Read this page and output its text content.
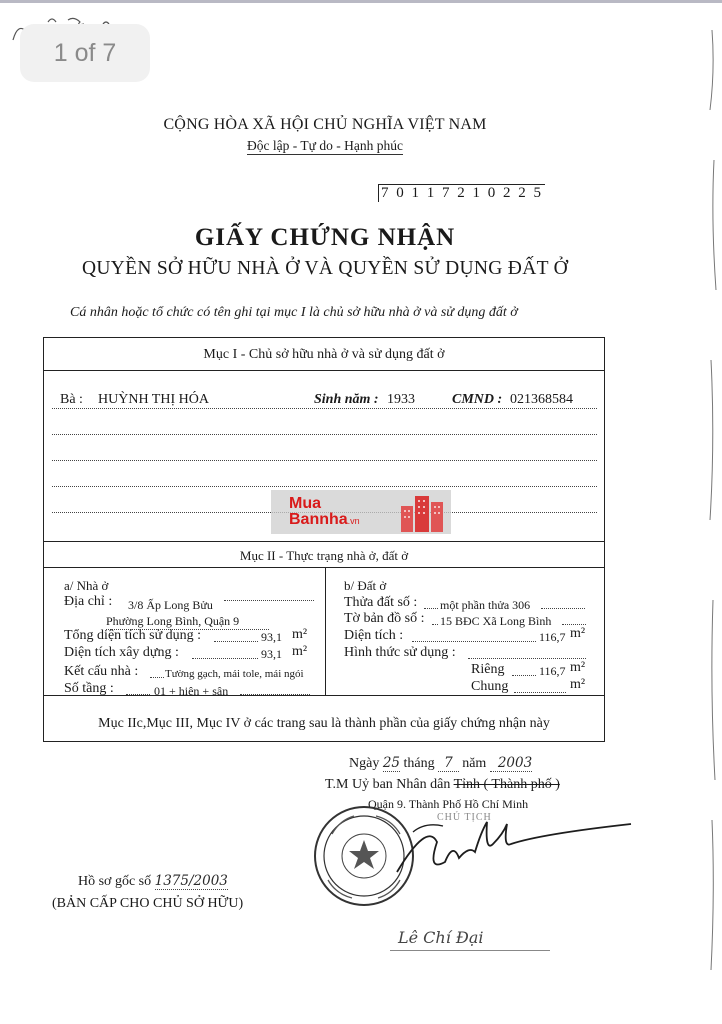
1 of 7
CỘNG HÒA XÃ HỘI CHỦ NGHĨA VIỆT NAM
Độc lập - Tự do - Hạnh phúc
7 0 1 1 7 2 1 0 2 2 5
GIẤY CHỨNG NHẬN
QUYỀN SỞ HỮU NHÀ Ở VÀ QUYỀN SỬ DỤNG ĐẤT Ở
Cá nhân hoặc tổ chức có tên ghi tại mục I là chủ sở hữu nhà ở và sử dụng đất ở
Mục I - Chủ sở hữu nhà ở và sử dụng đất ở
Bà : HUỲNH THỊ HÓA	Sinh năm : 1933	CMND : 021368584
Mục II - Thực trạng nhà ở, đất ở
a/ Nhà ở
Địa chỉ : 3/8 Ấp Long Bửu
Phường Long Bình, Quận 9
Tổng diện tích sử dụng :	93,1 m²
Diện tích xây dựng :	93,1 m²
Kết cấu nhà : Tường gạch, mái tole, mái ngói
Số tầng :	01 + hiên + sân
b/ Đất ở
Thửa đất số : một phần thửa 306
Tờ bản đồ số : 15 BĐC Xã Long Bình
Diện tích :	116,7 m²
Hình thức sử dụng :
Riêng	116,7 m²
Chung	m²
Mục IIc,Mục III, Mục IV ở các trang sau là thành phần của giấy chứng nhận này
Mua
Bannha.vn
Ngày 25 tháng 7 năm 2003
T.M Uỷ ban Nhân dân Tỉnh ( Thành phố )
Quận 9. Thành Phố Hồ Chí Minh
CHỦ TỊCH
Lê Chí Đại
Hồ sơ gốc số 1375/2003
(BẢN CẤP CHO CHỦ SỞ HỮU)
